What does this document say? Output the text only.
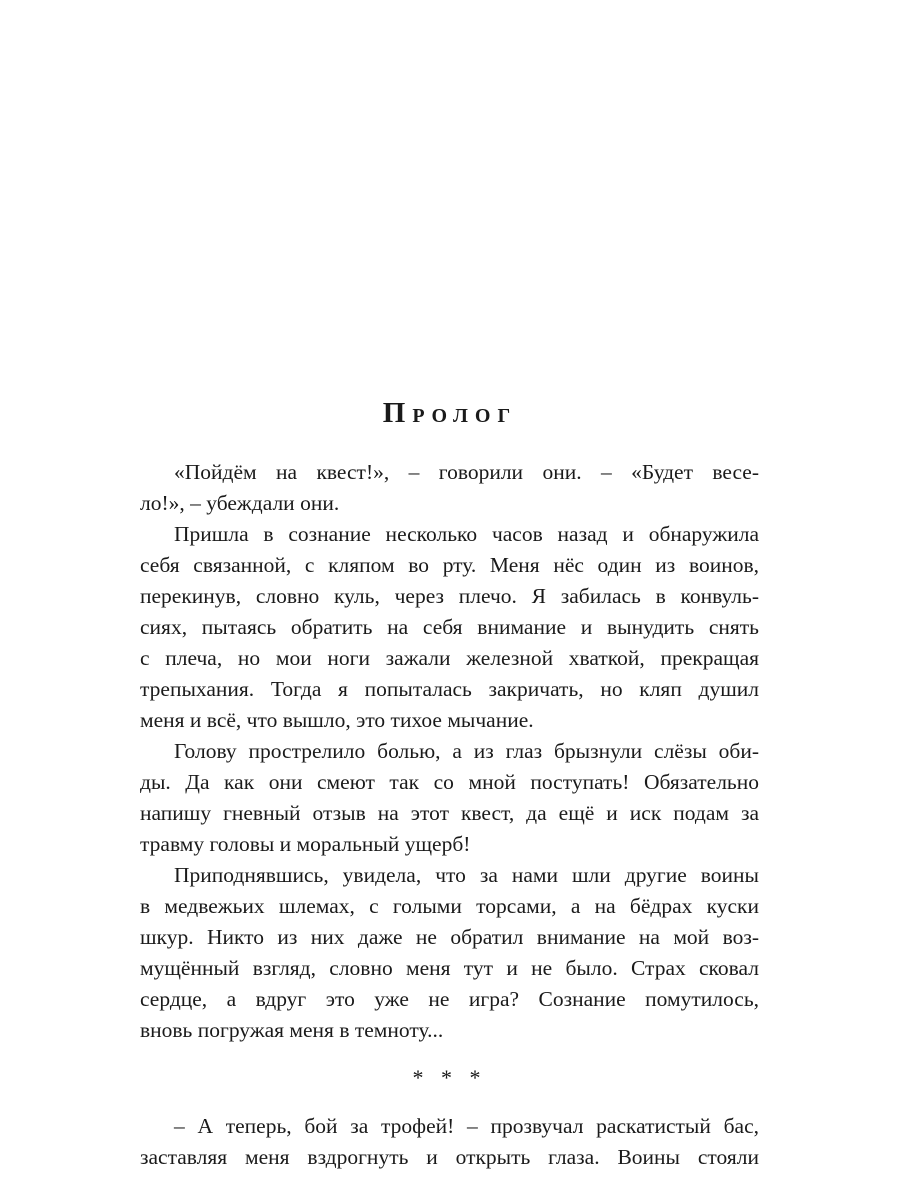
Пролог

«Пойдём на квест!», – говорили они. – «Будет весе-
ло!», – убеждали они.

Пришла в сознание несколько часов назад и обнаружила
себя связанной, с кляпом во рту. Меня нёс один из воинов,
перекинув, словно куль, через плечо. Я забилась в конвуль-
сиях, пытаясь обратить на себя внимание и вынудить снять
с плеча, но мои ноги зажали железной хваткой, прекращая
трепыхания. Тогда я попыталась закричать, но кляп душил
меня и всё, что вышло, это тихое мычание.

Голову прострелило болью, а из глаз брызнули слёзы оби-
ды. Да как они смеют так со мной поступать! Обязательно
напишу гневный отзыв на этот квест, да ещё и иск подам за
травму головы и моральный ущерб!

Приподнявшись, увидела, что за нами шли другие воины
в медвежьих шлемах, с голыми торсами, а на бёдрах куски
шкур. Никто из них даже не обратил внимание на мой воз-
мущённый взгляд, словно меня тут и не было. Страх сковал
сердце, а вдруг это уже не игра? Сознание помутилось,
вновь погружая меня в темноту...

* * *

– А теперь, бой за трофей! – прозвучал раскатистый бас,
заставляя меня вздрогнуть и открыть глаза. Воины стояли
